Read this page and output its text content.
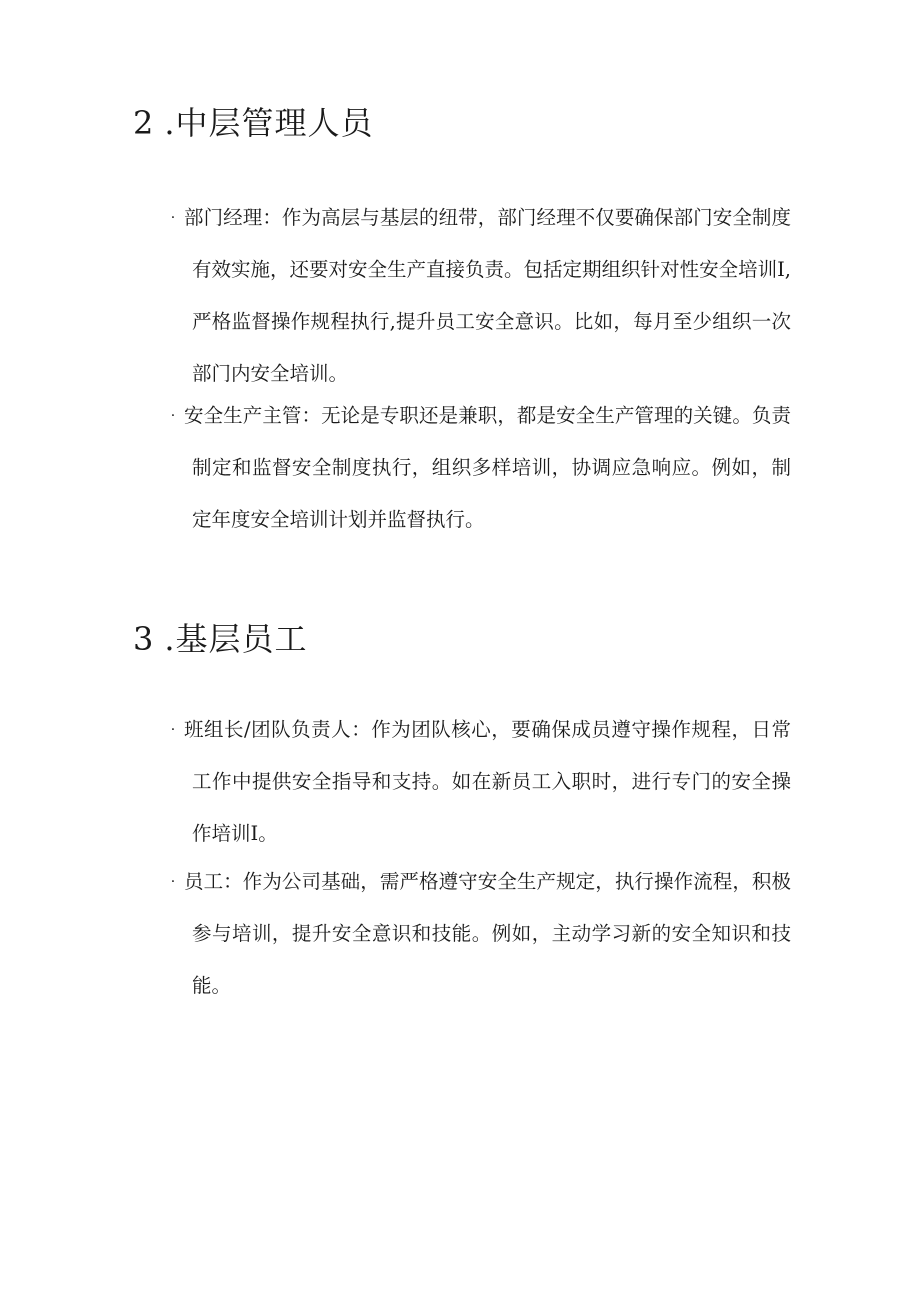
2 .中层管理人员
· 部门经理：作为高层与基层的纽带，部门经理不仅要确保部门安全制度有效实施，还要对安全生产直接负责。包括定期组织针对性安全培训I,严格监督操作规程执行,提升员工安全意识。比如，每月至少组织一次部门内安全培训。
· 安全生产主管：无论是专职还是兼职，都是安全生产管理的关键。负责制定和监督安全制度执行，组织多样培训，协调应急响应。例如，制定年度安全培训计划并监督执行。
3 .基层员工
· 班组长/团队负责人：作为团队核心，要确保成员遵守操作规程，日常工作中提供安全指导和支持。如在新员工入职时，进行专门的安全操作培训I。
· 员工：作为公司基础，需严格遵守安全生产规定，执行操作流程，积极参与培训，提升安全意识和技能。例如，主动学习新的安全知识和技能。
